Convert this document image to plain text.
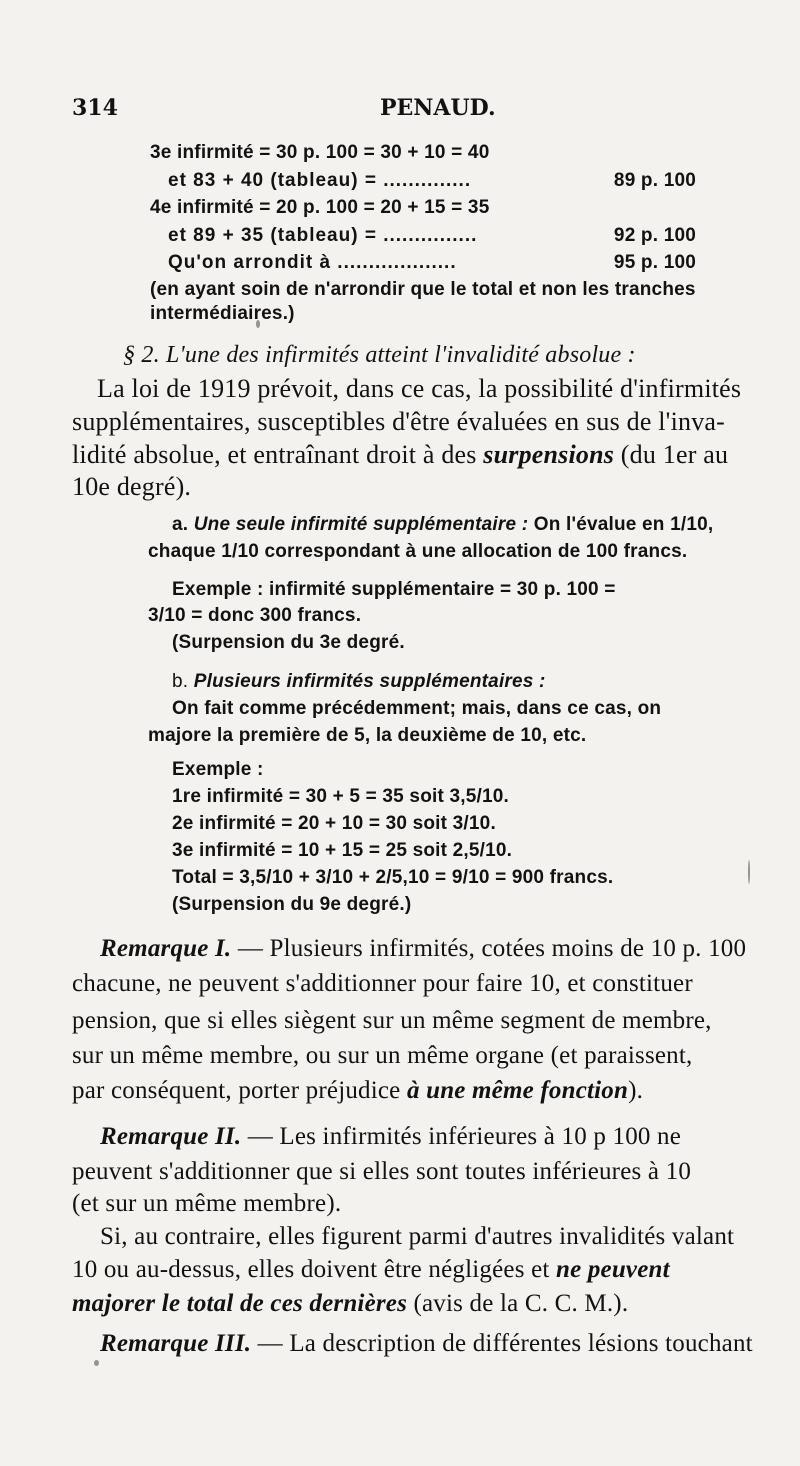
314	PENAUD.
3e infirmité = 30 p. 100 = 30 + 10 = 40
et 83 + 40 (tableau) = ..............	89 p. 100
4e infirmité = 20 p. 100 = 20 + 15 = 35
et 89 + 35 (tableau) = ...............	92 p. 100
Qu'on arrondit à ...................	95 p. 100
(en ayant soin de n'arrondir que le total et non les tranches
intermédiaires.)
§ 2. L'une des infirmités atteint l'invalidité absolue :
La loi de 1919 prévoit, dans ce cas, la possibilité d'infirmités
supplémentaires, susceptibles d'être évaluées en sus de l'inva-
lidité absolue, et entraînant droit à des surpensions (du 1er au
10e degré).
a. Une seule infirmité supplémentaire : On l'évalue en 1/10,
chaque 1/10 correspondant à une allocation de 100 francs.
Exemple : infirmité supplémentaire = 30 p. 100 =
3/10 = donc 300 francs.
(Surpension du 3e degré.
b. Plusieurs infirmités supplémentaires :
On fait comme précédemment; mais, dans ce cas, on
majore la première de 5, la deuxième de 10, etc.
Exemple :
1re infirmité = 30 + 5 = 35 soit 3,5/10.
2e infirmité = 20 + 10 = 30 soit 3/10.
3e infirmité = 10 + 15 = 25 soit 2,5/10.
Total = 3,5/10 + 3/10 + 2/5,10 = 9/10 = 900 francs.
(Surpension du 9e degré.)
Remarque I. — Plusieurs infirmités, cotées moins de 10 p. 100
chacune, ne peuvent s'additionner pour faire 10, et constituer
pension, que si elles siègent sur un même segment de membre,
sur un même membre, ou sur un même organe (et paraissent,
par conséquent, porter préjudice à une même fonction).
Remarque II. — Les infirmités inférieures à 10 p 100 ne
peuvent s'additionner que si elles sont toutes inférieures à 10
(et sur un même membre).
Si, au contraire, elles figurent parmi d'autres invalidités valant
10 ou au-dessus, elles doivent être négligées et ne peuvent
majorer le total de ces dernières (avis de la C. C. M.).
Remarque III. — La description de différentes lésions touchant
